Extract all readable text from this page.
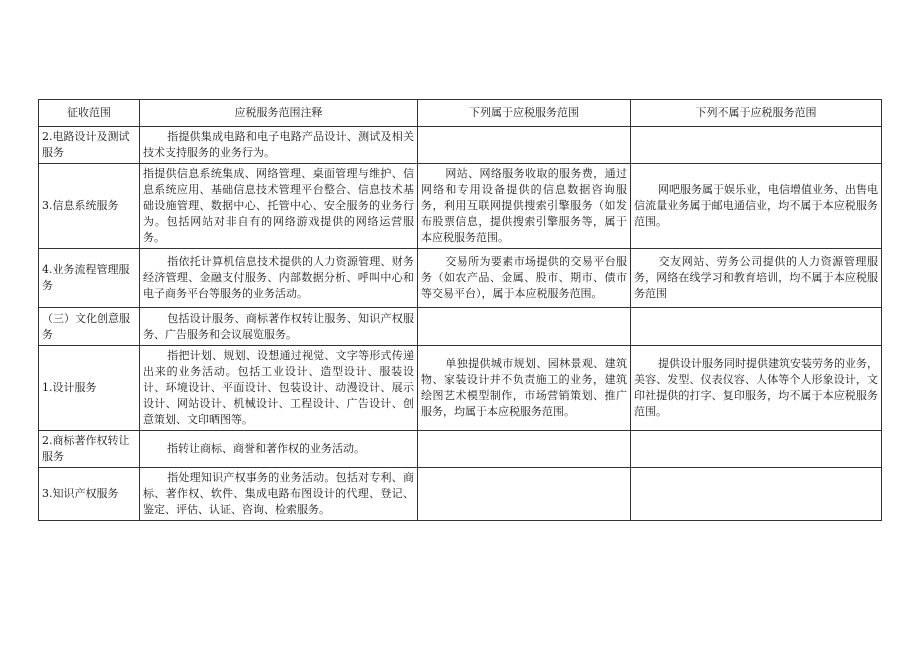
征收范围	应税服务范围注释	下列属于应税服务范围	下列不属于应税服务范围
2.电路设计及测试服务	指提供集成电路和电子电路产品设计、测试及相关技术支持服务的业务行为。		
3.信息系统服务	指提供信息系统集成、网络管理、桌面管理与维护、信息系统应用、基础信息技术管理平台整合、信息技术基础设施管理、数据中心、托管中心、安全服务的业务行为。包括网站对非自有的网络游戏提供的网络运营服务。	网站、网络服务收取的服务费，通过网络和专用设备提供的信息数据咨询服务，利用互联网提供搜索引擎服务（如发布股票信息，提供搜索引擎服务等，属于本应税服务范围。	网吧服务属于娱乐业，电信增值业务、出售电信流量业务属于邮电通信业，均不属于本应税服务范围。
4.业务流程管理服务	指依托计算机信息技术提供的人力资源管理、财务经济管理、金融支付服务、内部数据分析、呼叫中心和电子商务平台等服务的业务活动。	交易所为要素市场提供的交易平台服务（如农产品、金属、股市、期市、债市等交易平台），属于本应税服务范围。	交友网站、劳务公司提供的人力资源管理服务，网络在线学习和教育培训，均不属于本应税服务范围
（三）文化创意服务	包括设计服务、商标著作权转让服务、知识产权服务、广告服务和会议展览服务。		
1.设计服务	指把计划、规划、设想通过视觉、文字等形式传递出来的业务活动。包括工业设计、造型设计、服装设计、环境设计、平面设计、包装设计、动漫设计、展示设计、网站设计、机械设计、工程设计、广告设计、创意策划、文印晒图等。	单独提供城市规划、园林景观、建筑物、家装设计并不负责施工的业务，建筑绘图艺术模型制作，市场营销策划、推广服务，均属于本应税服务范围。	提供设计服务同时提供建筑安装劳务的业务，美容、发型、仪表仪容、人体等个人形象设计，文印社提供的打字、复印服务，均不属于本应税服务范围。
2.商标著作权转让服务	指转让商标、商誉和著作权的业务活动。		
3.知识产权服务	指处理知识产权事务的业务活动。包括对专利、商标、著作权、软件、集成电路布图设计的代理、登记、鉴定、评估、认证、咨询、检索服务。		
